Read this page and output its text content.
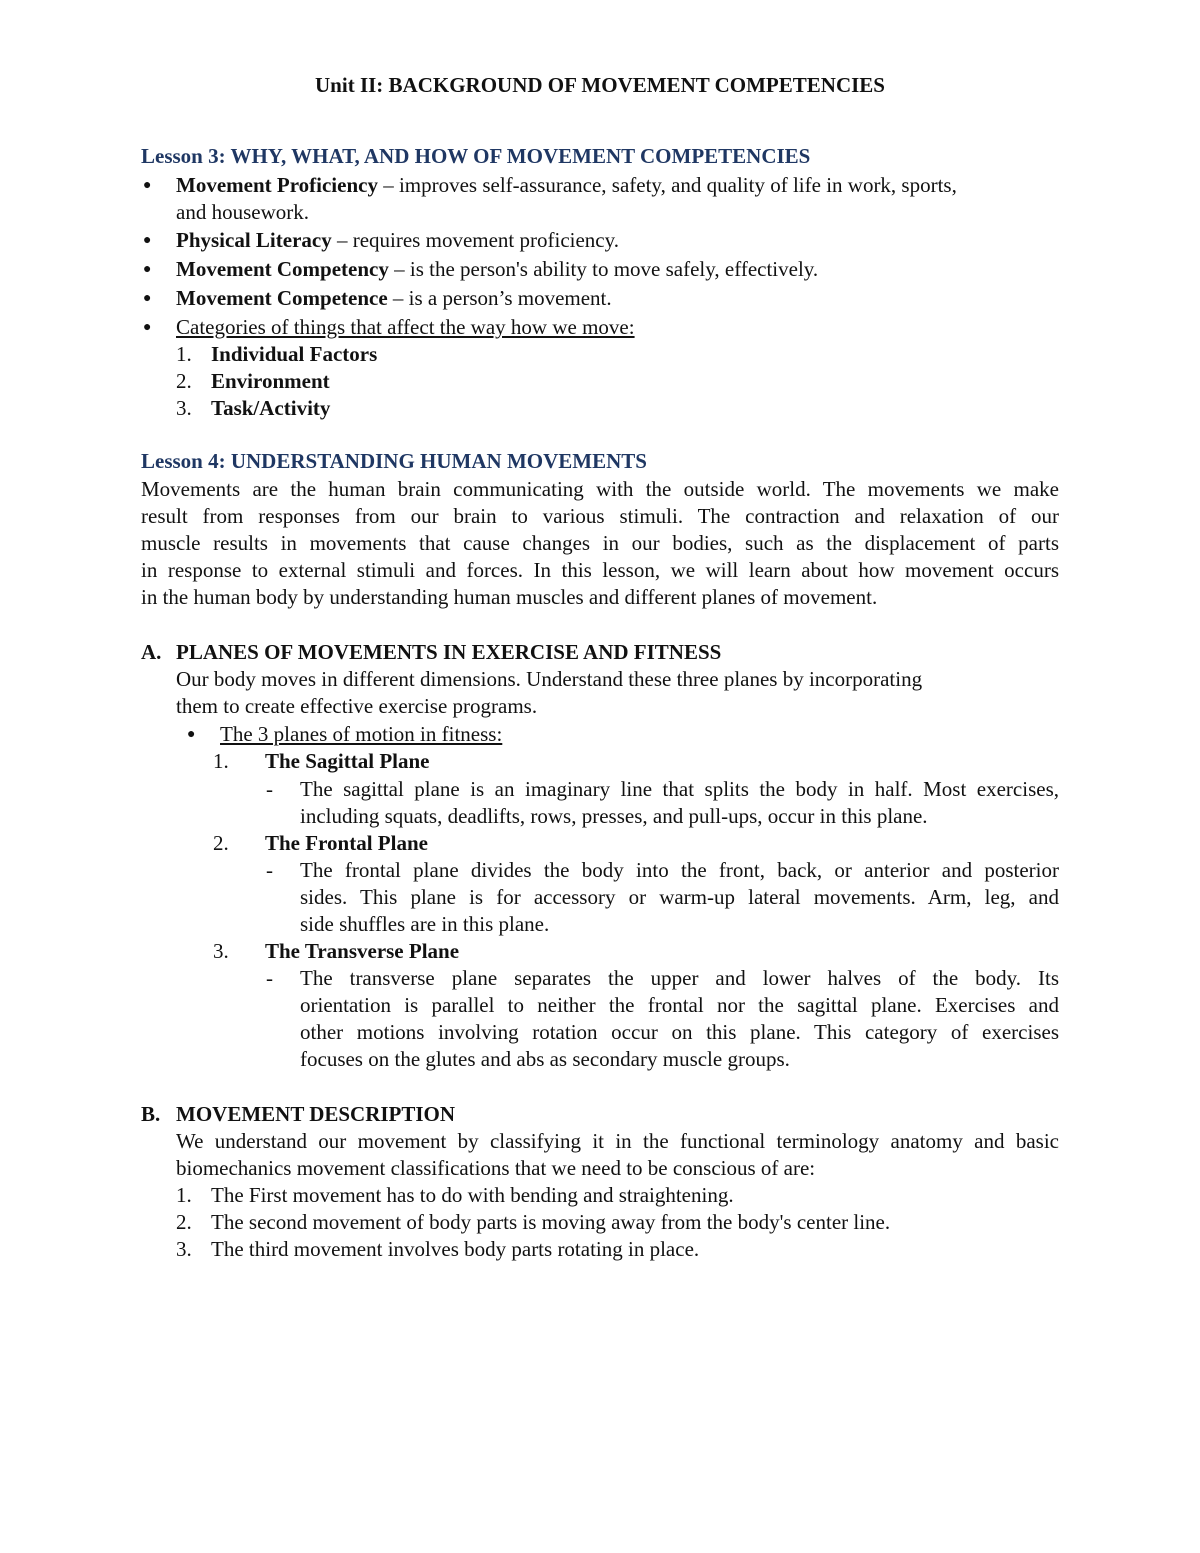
Unit II: BACKGROUND OF MOVEMENT COMPETENCIES
Lesson 3: WHY, WHAT, AND HOW OF MOVEMENT COMPETENCIES
● Movement Proficiency – improves self-assurance, safety, and quality of life in work, sports,
and housework.
● Physical Literacy – requires movement proficiency.
● Movement Competency – is the person's ability to move safely, effectively.
● Movement Competence – is a person’s movement.
● Categories of things that affect the way how we move:
1. Individual Factors
2. Environment
3. Task/Activity
Lesson 4: UNDERSTANDING HUMAN MOVEMENTS
Movements are the human brain communicating with the outside world. The movements we make
result from responses from our brain to various stimuli. The contraction and relaxation of our
muscle results in movements that cause changes in our bodies, such as the displacement of parts
in response to external stimuli and forces. In this lesson, we will learn about how movement occurs
in the human body by understanding human muscles and different planes of movement.
A. PLANES OF MOVEMENTS IN EXERCISE AND FITNESS
Our body moves in different dimensions. Understand these three planes by incorporating
them to create effective exercise programs.
● The 3 planes of motion in fitness:
1. The Sagittal Plane
- The sagittal plane is an imaginary line that splits the body in half. Most exercises,
including squats, deadlifts, rows, presses, and pull-ups, occur in this plane.
2. The Frontal Plane
- The frontal plane divides the body into the front, back, or anterior and posterior
sides. This plane is for accessory or warm-up lateral movements. Arm, leg, and
side shuffles are in this plane.
3. The Transverse Plane
- The transverse plane separates the upper and lower halves of the body. Its
orientation is parallel to neither the frontal nor the sagittal plane. Exercises and
other motions involving rotation occur on this plane. This category of exercises
focuses on the glutes and abs as secondary muscle groups.
B. MOVEMENT DESCRIPTION
We understand our movement by classifying it in the functional terminology anatomy and basic
biomechanics movement classifications that we need to be conscious of are:
1. The First movement has to do with bending and straightening.
2. The second movement of body parts is moving away from the body's center line.
3. The third movement involves body parts rotating in place.
